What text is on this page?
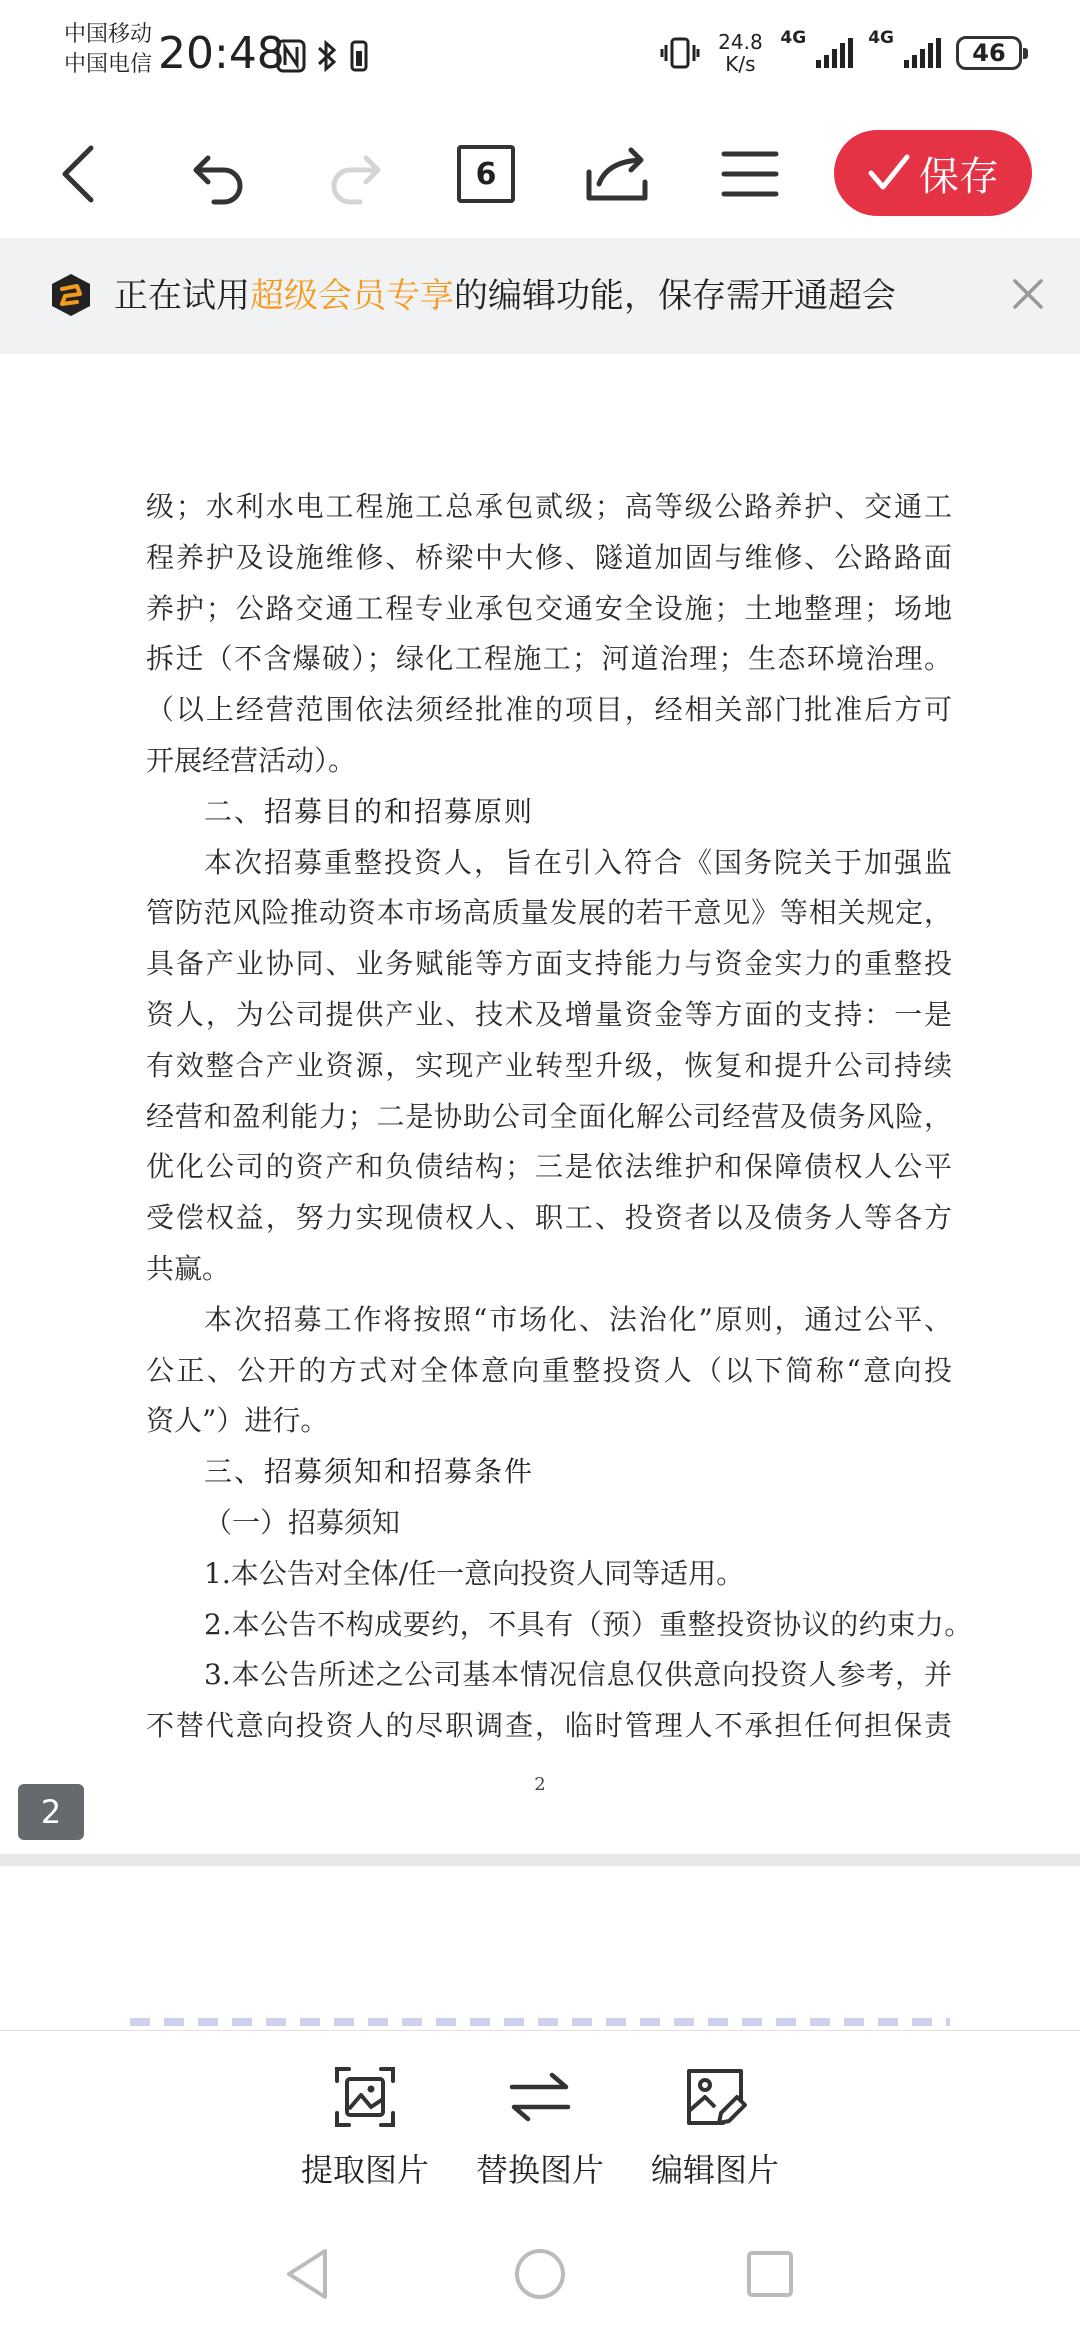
中国移动
中国电信 20:48	24.8
K/s
4G	4G
46
6	保存
正在试用超级会员专享的编辑功能，保存需开通超会
级；水利水电工程施工总承包贰级；高等级公路养护、交通工
程养护及设施维修、桥梁中大修、隧道加固与维修、公路路面
养护；公路交通工程专业承包交通安全设施；土地整理；场地
拆迁（不含爆破）；绿化工程施工；河道治理；生态环境治理。
（以上经营范围依法须经批准的项目，经相关部门批准后方可
开展经营活动）。
二、招募目的和招募原则
本次招募重整投资人，旨在引入符合《国务院关于加强监
管防范风险推动资本市场高质量发展的若干意见》等相关规定，
具备产业协同、业务赋能等方面支持能力与资金实力的重整投
资人，为公司提供产业、技术及增量资金等方面的支持：一是
有效整合产业资源，实现产业转型升级，恢复和提升公司持续
经营和盈利能力；二是协助公司全面化解公司经营及债务风险，
优化公司的资产和负债结构；三是依法维护和保障债权人公平
受偿权益，努力实现债权人、职工、投资者以及债务人等各方
共赢。
本次招募工作将按照“市场化、法治化”原则，通过公平、
公正、公开的方式对全体意向重整投资人（以下简称“意向投
资人”）进行。
三、招募须知和招募条件
（一）招募须知
1.本公告对全体/任一意向投资人同等适用。
2.本公告不构成要约，不具有（预）重整投资协议的约束力。
3.本公告所述之公司基本情况信息仅供意向投资人参考，并
不替代意向投资人的尽职调查，临时管理人不承担任何担保责
2
2
提取图片 替换图片 编辑图片
